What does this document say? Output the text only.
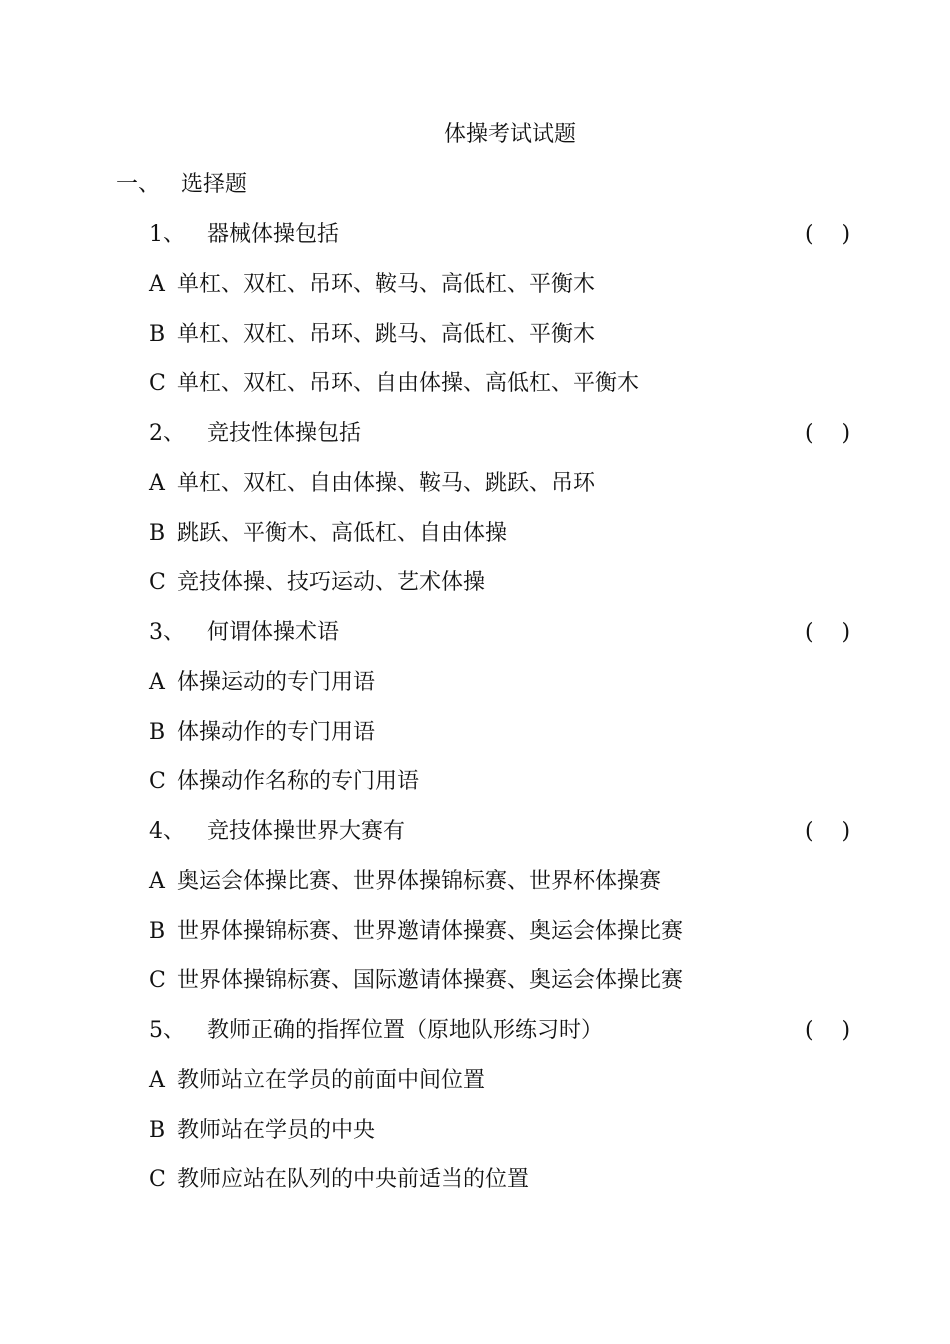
体操考试试题
一、 选择题
1、 器械体操包括	(    )
A 单杠、双杠、吊环、鞍马、高低杠、平衡木
B 单杠、双杠、吊环、跳马、高低杠、平衡木
C 单杠、双杠、吊环、自由体操、高低杠、平衡木
2、 竞技性体操包括	(    )
A 单杠、双杠、自由体操、鞍马、跳跃、吊环
B 跳跃、平衡木、高低杠、自由体操
C 竞技体操、技巧运动、艺术体操
3、 何谓体操术语	(    )
A 体操运动的专门用语
B 体操动作的专门用语
C 体操动作名称的专门用语
4、 竞技体操世界大赛有	(    )
A 奥运会体操比赛、世界体操锦标赛、世界杯体操赛
B 世界体操锦标赛、世界邀请体操赛、奥运会体操比赛
C 世界体操锦标赛、国际邀请体操赛、奥运会体操比赛
5、 教师正确的指挥位置（原地队形练习时）	(    )
A 教师站立在学员的前面中间位置
B 教师站在学员的中央
C 教师应站在队列的中央前适当的位置
